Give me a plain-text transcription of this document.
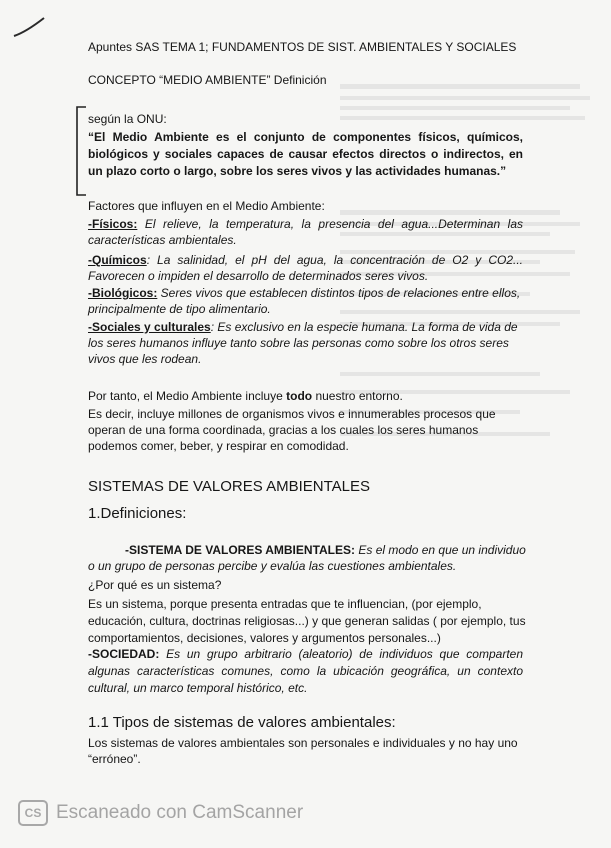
Apuntes SAS TEMA 1; FUNDAMENTOS DE SIST. AMBIENTALES Y SOCIALES

CONCEPTO “MEDIO AMBIENTE” Definición

según la ONU:

“El Medio Ambiente es el conjunto de componentes físicos, químicos, biológicos y sociales capaces de causar efectos directos o indirectos, en un plazo corto o largo, sobre los seres vivos y las actividades humanas.”

Factores que influyen en el Medio Ambiente:

-Físicos: El relieve, la temperatura, la presencia del agua...Determinan las características ambientales.

-Químicos: La salinidad, el pH del agua, la concentración de O2 y CO2... Favorecen o impiden el desarrollo de determinados seres vivos.

-Biológicos: Seres vivos que establecen distintos tipos de relaciones entre ellos, principalmente de tipo alimentario.

-Sociales y culturales: Es exclusivo en la especie humana. La forma de vida de los seres humanos influye tanto sobre las personas como sobre los otros seres vivos que les rodean.

Por tanto, el Medio Ambiente incluye todo nuestro entorno.

Es decir, incluye millones de organismos vivos e innumerables procesos que operan de una forma coordinada, gracias a los cuales los seres humanos podemos comer, beber, y respirar en comodidad.

SISTEMAS DE VALORES AMBIENTALES

1.Definiciones:

-SISTEMA DE VALORES AMBIENTALES: Es el modo en que un individuo o un grupo de personas percibe y evalúa las cuestiones ambientales.

¿Por qué es un sistema?

Es un sistema, porque presenta entradas que te influencian, (por ejemplo, educación, cultura, doctrinas religiosas...) y que generan salidas ( por ejemplo, tus comportamientos, decisiones, valores y argumentos personales...)

-SOCIEDAD: Es un grupo arbitrario (aleatorio) de individuos que comparten algunas características comunes, como la ubicación geográfica, un contexto cultural, un marco temporal histórico, etc.

1.1 Tipos de sistemas de valores ambientales:

Los sistemas de valores ambientales son personales e individuales y no hay uno “erróneo”.

CS Escaneado con CamScanner
